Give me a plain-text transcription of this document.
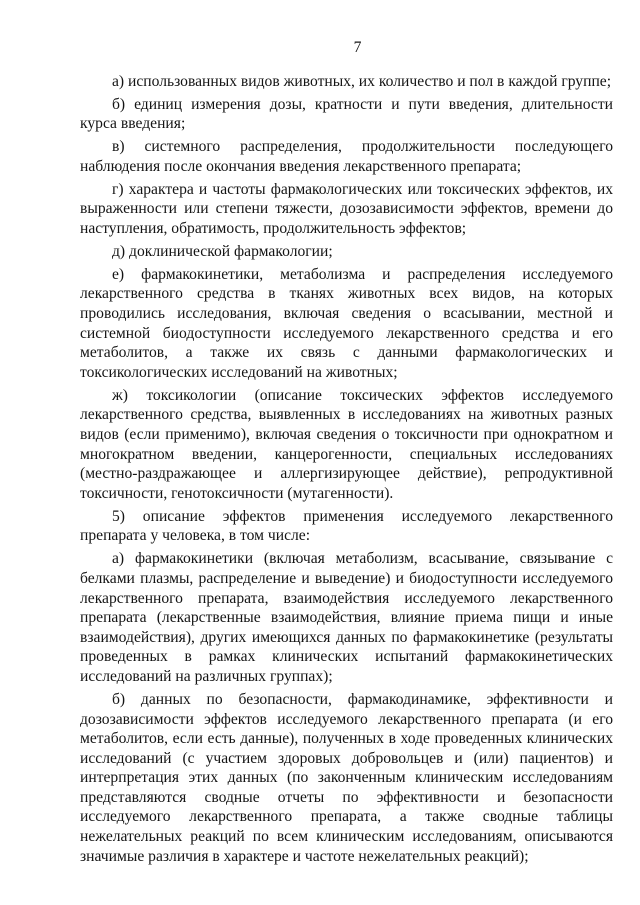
7

а) использованных видов животных, их количество и пол в каждой группе;

б) единиц измерения дозы, кратности и пути введения, длительности курса введения;

в) системного распределения, продолжительности последующего наблюдения после окончания введения лекарственного препарата;

г) характера и частоты фармакологических или токсических эффектов, их выраженности или степени тяжести, дозозависимости эффектов, времени до наступления, обратимость, продолжительность эффектов;

д) доклинической фармакологии;

е) фармакокинетики, метаболизма и распределения исследуемого лекарственного средства в тканях животных всех видов, на которых проводились исследования, включая сведения о всасывании, местной и системной биодоступности исследуемого лекарственного средства и его метаболитов, а также их связь с данными фармакологических и токсикологических исследований на животных;

ж) токсикологии (описание токсических эффектов исследуемого лекарственного средства, выявленных в исследованиях на животных разных видов (если применимо), включая сведения о токсичности при однократном и многократном введении, канцерогенности, специальных исследованиях (местно-раздражающее и аллергизирующее действие), репродуктивной токсичности, генотоксичности (мутагенности).

5) описание эффектов применения исследуемого лекарственного препарата у человека, в том числе:

а) фармакокинетики (включая метаболизм, всасывание, связывание с белками плазмы, распределение и выведение) и биодоступности исследуемого лекарственного препарата, взаимодействия исследуемого лекарственного препарата (лекарственные взаимодействия, влияние приема пищи и иные взаимодействия), других имеющихся данных по фармакокинетике (результаты проведенных в рамках клинических испытаний фармакокинетических исследований на различных группах);

б) данных по безопасности, фармакодинамике, эффективности и дозозависимости эффектов исследуемого лекарственного препарата (и его метаболитов, если есть данные), полученных в ходе проведенных клинических исследований (с участием здоровых добровольцев и (или) пациентов) и интерпретация этих данных (по законченным клиническим исследованиям представляются сводные отчеты по эффективности и безопасности исследуемого лекарственного препарата, а также сводные таблицы нежелательных реакций по всем клиническим исследованиям, описываются значимые различия в характере и частоте нежелательных реакций);
